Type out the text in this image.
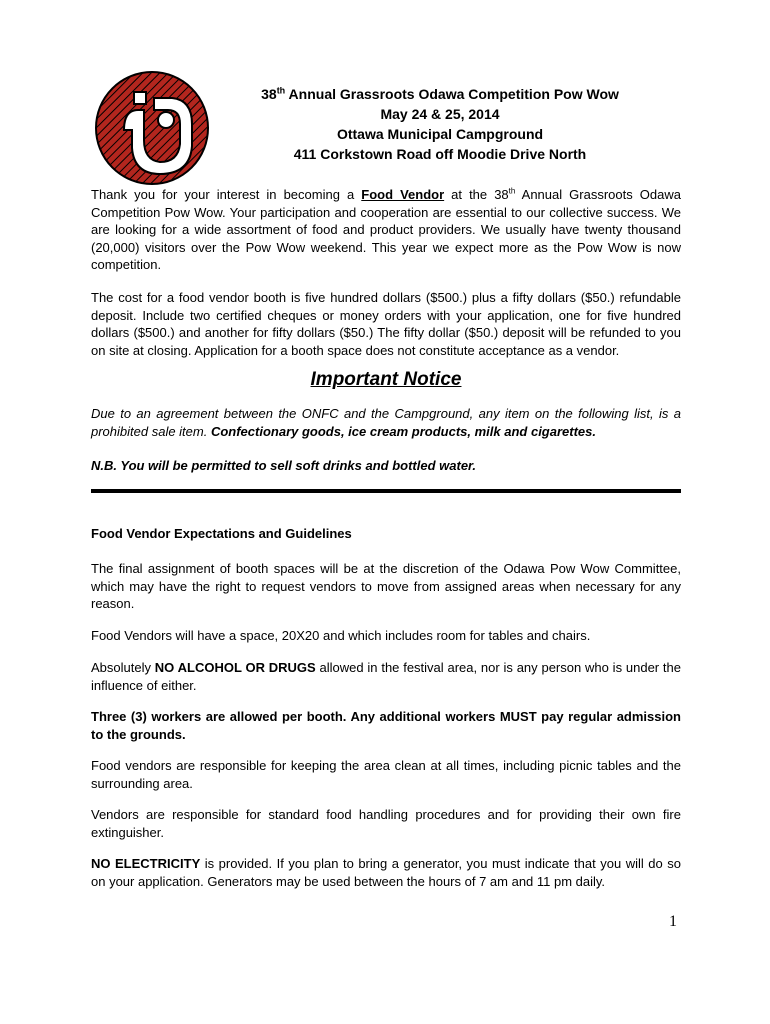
38th Annual Grassroots Odawa Competition Pow Wow
May 24 & 25, 2014
Ottawa Municipal Campground
411 Corkstown Road off Moodie Drive North

Thank you for your interest in becoming a Food Vendor at the 38th Annual Grassroots Odawa Competition Pow Wow. Your participation and cooperation are essential to our collective success. We are looking for a wide assortment of food and product providers. We usually have twenty thousand (20,000) visitors over the Pow Wow weekend. This year we expect more as the Pow Wow is now competition.

The cost for a food vendor booth is five hundred dollars ($500.) plus a fifty dollars ($50.) refundable deposit. Include two certified cheques or money orders with your application, one for five hundred dollars ($500.) and another for fifty dollars ($50.) The fifty dollar ($50.) deposit will be refunded to you on site at closing. Application for a booth space does not constitute acceptance as a vendor.

Important Notice

Due to an agreement between the ONFC and the Campground, any item on the following list, is a prohibited sale item. Confectionary goods, ice cream products, milk and cigarettes.

N.B. You will be permitted to sell soft drinks and bottled water.

Food Vendor Expectations and Guidelines

The final assignment of booth spaces will be at the discretion of the Odawa Pow Wow Committee, which may have the right to request vendors to move from assigned areas when necessary for any reason.

Food Vendors will have a space, 20X20 and which includes room for tables and chairs.

Absolutely NO ALCOHOL OR DRUGS allowed in the festival area, nor is any person who is under the influence of either.

Three (3) workers are allowed per booth. Any additional workers MUST pay regular admission to the grounds.

Food vendors are responsible for keeping the area clean at all times, including picnic tables and the surrounding area.

Vendors are responsible for standard food handling procedures and for providing their own fire extinguisher.

NO ELECTRICITY is provided. If you plan to bring a generator, you must indicate that you will do so on your application. Generators may be used between the hours of 7 am and 11 pm daily.

1
